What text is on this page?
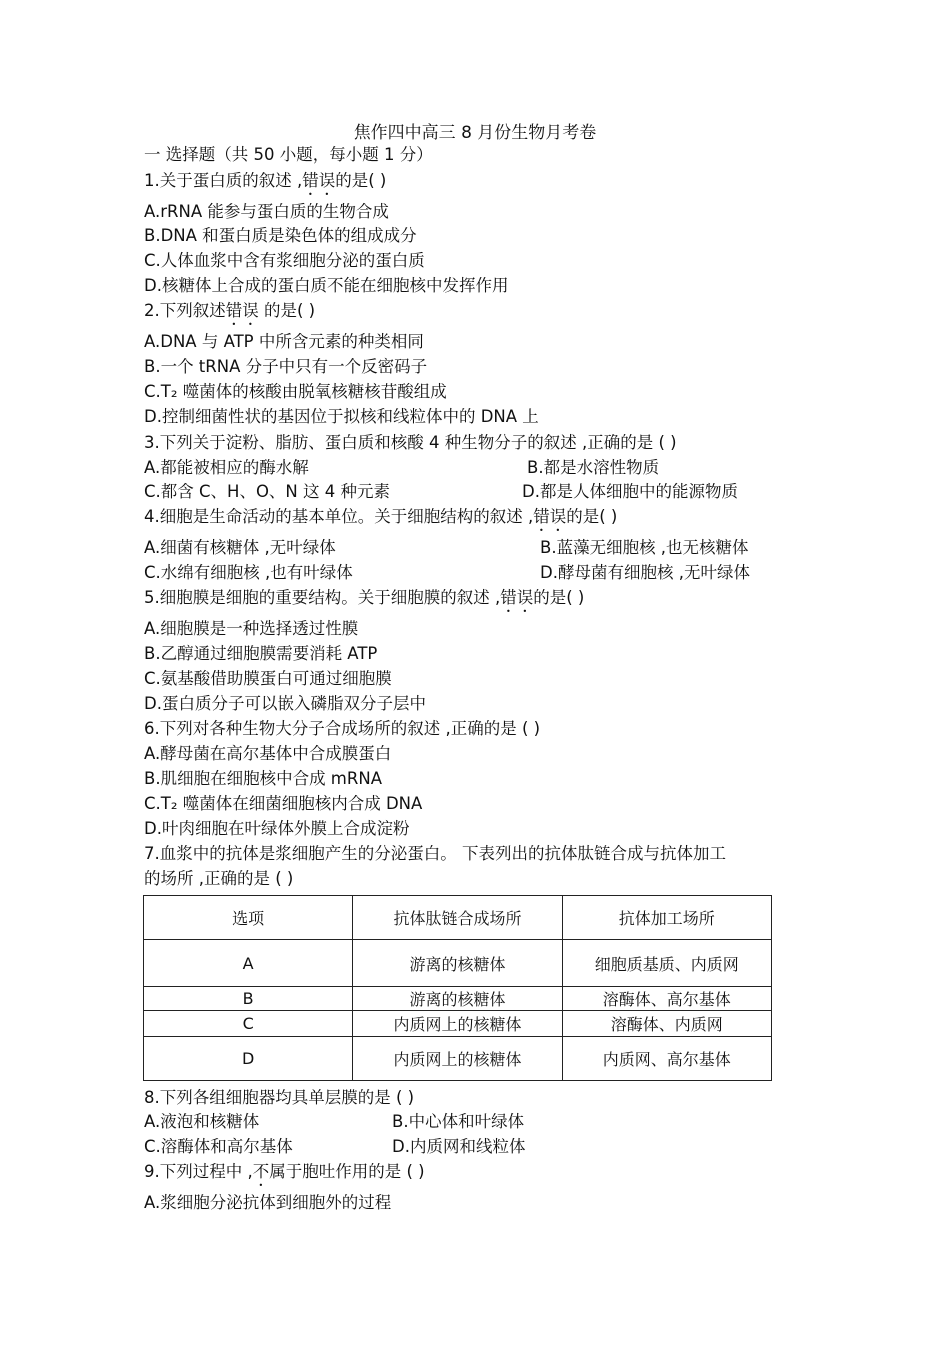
焦作四中高三 8 月份生物月考卷
一 选择题（共 50 小题，每小题 1 分）
1.关于蛋白质的叙述 ,错误的是( )
A.rRNA 能参与蛋白质的生物合成
B.DNA 和蛋白质是染色体的组成成分
C.人体血浆中含有浆细胞分泌的蛋白质
D.核糖体上合成的蛋白质不能在细胞核中发挥作用
2.下列叙述错误 的是( )
A.DNA 与 ATP 中所含元素的种类相同
B.一个 tRNA 分子中只有一个反密码子
C.T₂ 噬菌体的核酸由脱氧核糖核苷酸组成
D.控制细菌性状的基因位于拟核和线粒体中的 DNA 上
3.下列关于淀粉、脂肪、蛋白质和核酸 4 种生物分子的叙述 ,正确的是 ( )
A.都能被相应的酶水解	B.都是水溶性物质
C.都含 C、H、O、N 这 4 种元素	D.都是人体细胞中的能源物质
4.细胞是生命活动的基本单位。关于细胞结构的叙述 ,错误的是( )
A.细菌有核糖体 ,无叶绿体	B.蓝藻无细胞核 ,也无核糖体
C.水绵有细胞核 ,也有叶绿体	D.酵母菌有细胞核 ,无叶绿体
5.细胞膜是细胞的重要结构。关于细胞膜的叙述 ,错误的是( )
A.细胞膜是一种选择透过性膜
B.乙醇通过细胞膜需要消耗 ATP
C.氨基酸借助膜蛋白可通过细胞膜
D.蛋白质分子可以嵌入磷脂双分子层中
6.下列对各种生物大分子合成场所的叙述 ,正确的是 ( )
A.酵母菌在高尔基体中合成膜蛋白
B.肌细胞在细胞核中合成 mRNA
C.T₂ 噬菌体在细菌细胞核内合成 DNA
D.叶肉细胞在叶绿体外膜上合成淀粉
7.血浆中的抗体是浆细胞产生的分泌蛋白。 下表列出的抗体肽链合成与抗体加工
的场所 ,正确的是 ( )
选项	抗体肽链合成场所	抗体加工场所
A	游离的核糖体	细胞质基质、内质网
B	游离的核糖体	溶酶体、高尔基体
C	内质网上的核糖体	溶酶体、内质网
D	内质网上的核糖体	内质网、高尔基体
8.下列各组细胞器均具单层膜的是 ( )
A.液泡和核糖体	B.中心体和叶绿体
C.溶酶体和高尔基体	D.内质网和线粒体
9.下列过程中 ,不属于胞吐作用的是 ( )
A.浆细胞分泌抗体到细胞外的过程
